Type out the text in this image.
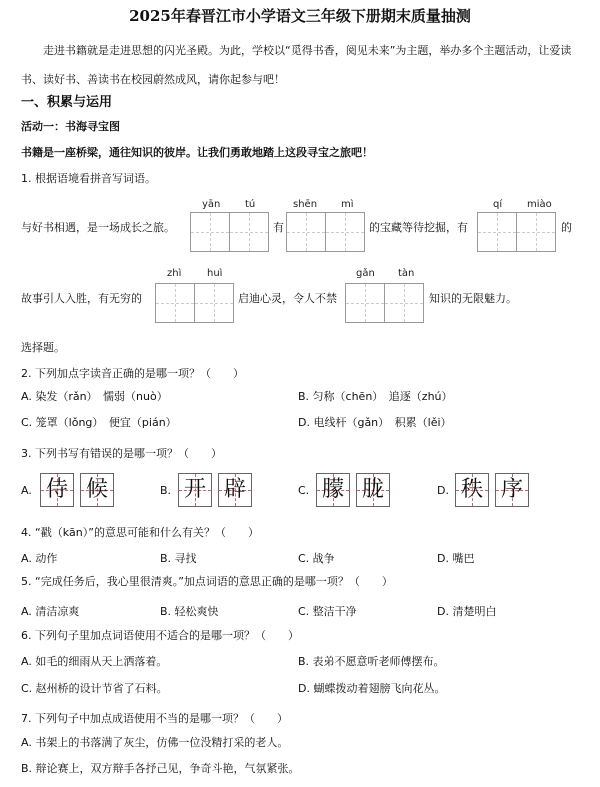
2025年春晋江市小学语文三年级下册期末质量抽测
走进书籍就是走进思想的闪光圣殿。为此，学校以“觅得书香，阅见未来”为主题，举办多个主题活动，让爱读书、读好书、善读书在校园蔚然成风，请你起参与吧！
一、积累与运用
活动一：书海寻宝图
书籍是一座桥梁，通往知识的彼岸。让我们勇敢地踏上这段寻宝之旅吧！
1. 根据语境看拼音写词语。
yān tú	shēn mì	qí miào
与好书相遇，是一场成长之旅。	有	的宝藏等待挖掘，有	的
zhì	huì	gǎn tàn
故事引人入胜，有无穷的	启迪心灵，令人不禁	知识的无限魅力。
选择题。
2. 下列加点字读音正确的是哪一项？（　　）
A. 染发（rǎn）　懦弱（nuò）	B. 匀称（chēn）　追逐（zhú）
C. 笼罩（lǒng）　便宜（pián）	D. 电线杆（gǎn）　积累（lěi）
3. 下列书写有错误的是哪一项？（　　）
A. 侍 候	B. 开 辟	C. 朦 胧	D. 秩 序
4. “戳（kān）”的意思可能和什么有关？（　　）
A. 动作	B. 寻找	C. 战争	D. 嘴巴
5. “完成任务后，我心里很清爽。”加点词语的意思正确的是哪一项？（　　）
A. 清洁凉爽	B. 轻松爽快	C. 整洁干净	D. 清楚明白
6. 下列句子里加点词语使用不适合的是哪一项？（　　）
A. 如毛的细雨从天上洒落着。	B. 表弟不愿意听老师傅摆布。
C. 赵州桥的设计节省了石料。	D. 蝴蝶拨动着翅膀飞向花丛。
7. 下列句子中加点成语使用不当的是哪一项？（　　）
A. 书架上的书落满了灰尘，仿佛一位没精打采的老人。
B. 辩论赛上，双方辩手各抒己见，争奇斗艳，气氛紧张。
